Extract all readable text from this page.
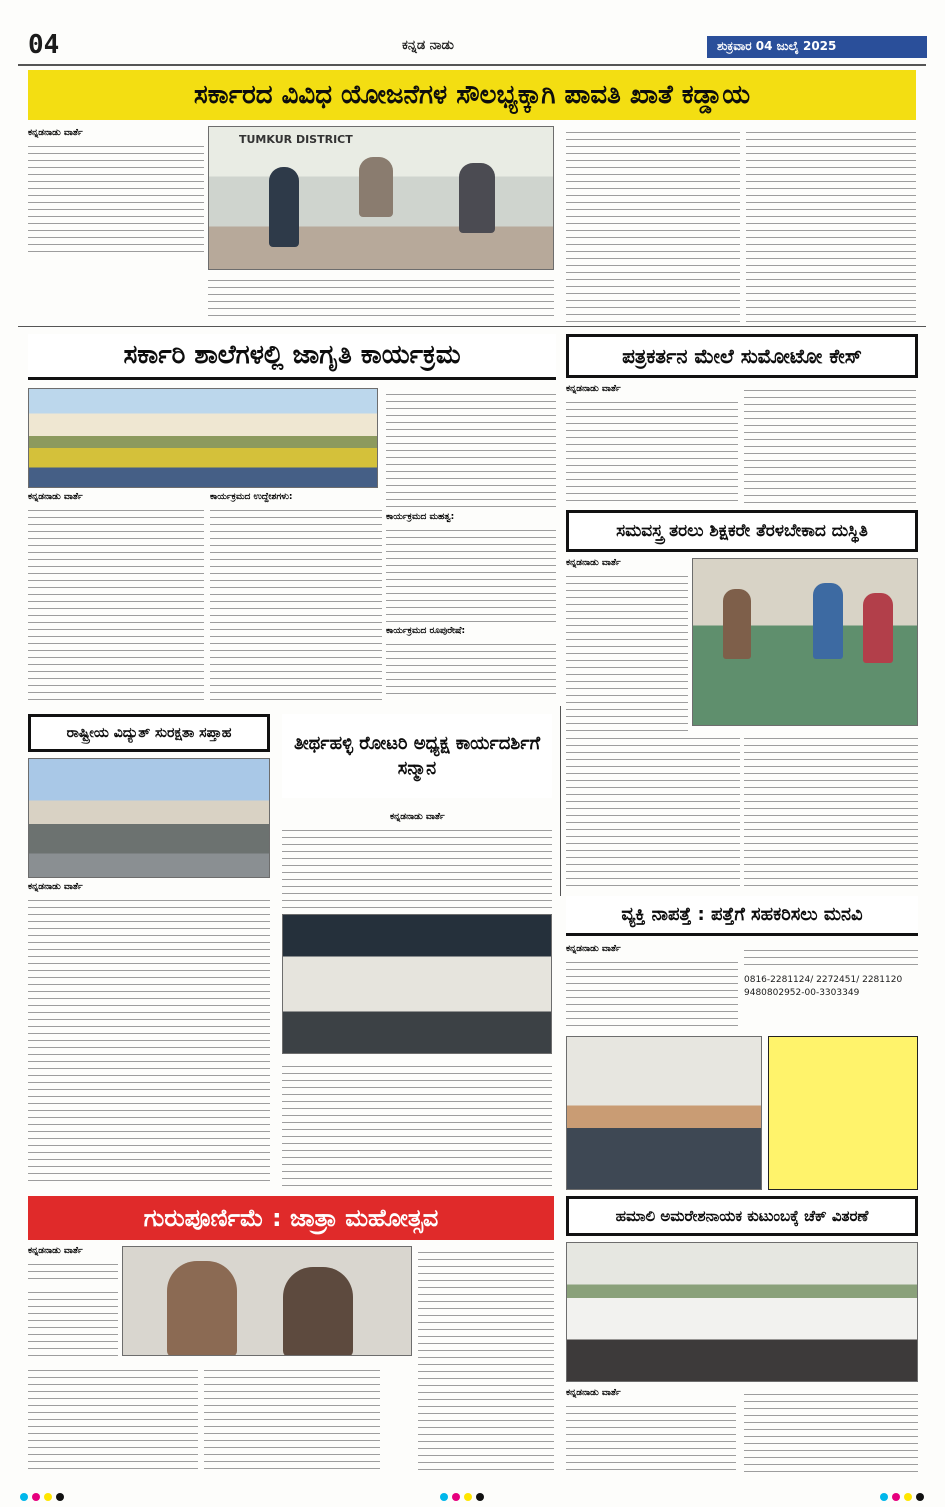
04	ಕನ್ನಡ ನಾಡು	ಶುಕ್ರವಾರ 04 ಜುಲೈ 2025
ಸರ್ಕಾರದ ವಿವಿಧ ಯೋಜನೆಗಳ ಸೌಲಭ್ಯಕ್ಕಾಗಿ ಪಾವತಿ ಖಾತೆ ಕಡ್ಡಾಯ
ಕನ್ನಡನಾಡು ವಾರ್ತೆ	TUMKUR DISTRICT
ಸರ್ಕಾರಿ ಶಾಲೆಗಳಲ್ಲಿ ಜಾಗೃತಿ ಕಾರ್ಯಕ್ರಮ
ಕನ್ನಡನಾಡು ವಾರ್ತೆ	ಕಾರ್ಯಕ್ರಮದ ಉದ್ದೇಶಗಳು:
ಕಾರ್ಯಕ್ರಮದ ಮಹತ್ವ:
ಕಾರ್ಯಕ್ರಮದ ರೂಪುರೇಷೆ:
ಪತ್ರಕರ್ತನ ಮೇಲೆ ಸುಮೋಟೋ ಕೇಸ್
ಕನ್ನಡನಾಡು ವಾರ್ತೆ
ಸಮವಸ್ತ್ರ ತರಲು ಶಿಕ್ಷಕರೇ ತೆರಳಬೇಕಾದ ದುಸ್ಥಿತಿ
ಕನ್ನಡನಾಡು ವಾರ್ತೆ
ರಾಷ್ಟ್ರೀಯ ವಿದ್ಯುತ್ ಸುರಕ್ಷತಾ ಸಪ್ತಾಹ
ಕನ್ನಡನಾಡು ವಾರ್ತೆ
ತೀರ್ಥಹಳ್ಳಿ ರೋಟರಿ ಅಧ್ಯಕ್ಷ ಕಾರ್ಯದರ್ಶಿಗೆ ಸನ್ಮಾನ
ಕನ್ನಡನಾಡು ವಾರ್ತೆ
ವ್ಯಕ್ತಿ ನಾಪತ್ತೆ : ಪತ್ತೆಗೆ ಸಹಕರಿಸಲು ಮನವಿ
ಕನ್ನಡನಾಡು ವಾರ್ತೆ
0816-2281124/ 2272451/ 2281120
9480802952-00-3303349
ಗುರುಪೂರ್ಣಿಮೆ : ಜಾತ್ರಾ ಮಹೋತ್ಸವ
ಕನ್ನಡನಾಡು ವಾರ್ತೆ
ಹಮಾಲಿ ಅಮರೇಶನಾಯಕ ಕುಟುಂಬಕ್ಕೆ ಚೆಕ್ ವಿತರಣೆ
ಕನ್ನಡನಾಡು ವಾರ್ತೆ
